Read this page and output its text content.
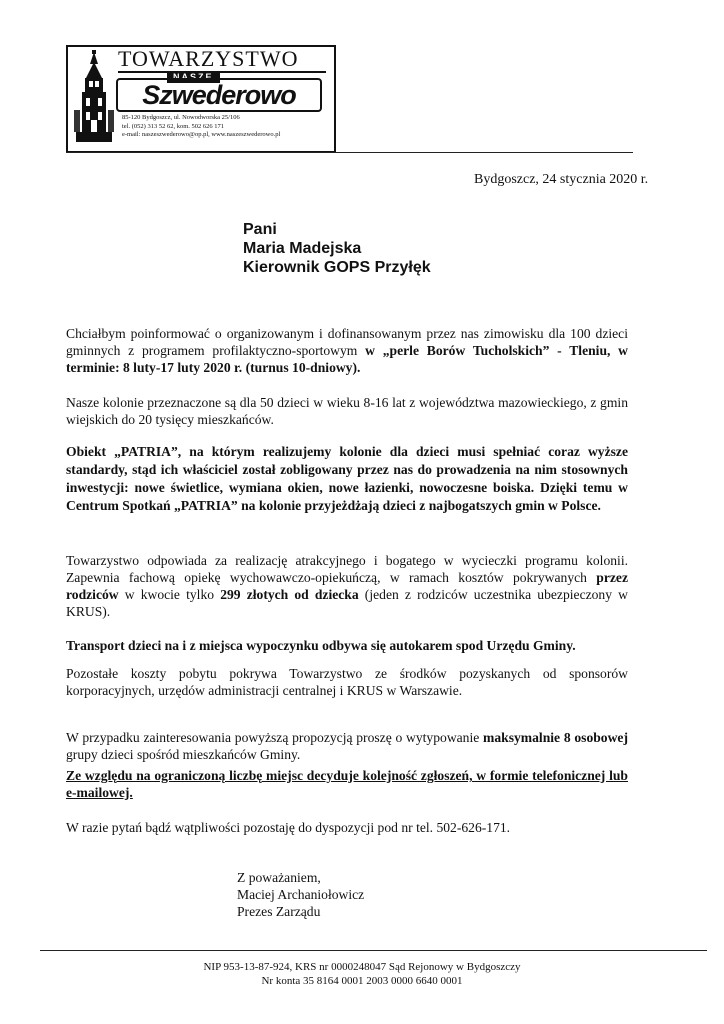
TOWARZYSTWO
NASZE
Szwederowo
85-120 Bydgoszcz, ul. Nowodworska 25/106
tel. (052) 313 52 62, kom. 502 626 171
e-mail: naszeszwederowo@op.pl, www.naszeszwederowo.pl
Bydgoszcz, 24 stycznia 2020 r.
Pani
Maria Madejska
Kierownik GOPS Przyłęk
Chciałbym poinformować o organizowanym i dofinansowanym przez nas zimowisku dla 100 dzieci gminnych z programem profilaktyczno-sportowym w „perle Borów Tucholskich” - Tleniu, w terminie: 8 luty-17 luty 2020 r. (turnus 10-dniowy).
Nasze kolonie przeznaczone są dla 50 dzieci w wieku 8-16 lat z województwa mazowieckiego, z gmin wiejskich do 20 tysięcy mieszkańców.
Obiekt „PATRIA”, na którym realizujemy kolonie dla dzieci musi spełniać coraz wyższe standardy, stąd ich właściciel został zobligowany przez nas do prowadzenia na nim stosownych inwestycji: nowe świetlice, wymiana okien, nowe łazienki, nowoczesne boiska. Dzięki temu w Centrum Spotkań „PATRIA” na kolonie przyjeżdżają dzieci z najbogatszych gmin w Polsce.
Towarzystwo odpowiada za realizację atrakcyjnego i bogatego w wycieczki programu kolonii. Zapewnia fachową opiekę wychowawczo-opiekuńczą, w ramach kosztów pokrywanych przez rodziców w kwocie tylko 299 złotych od dziecka (jeden z rodziców uczestnika ubezpieczony w KRUS).
Transport dzieci na i z miejsca wypoczynku odbywa się autokarem spod Urzędu Gminy.
Pozostałe koszty pobytu pokrywa Towarzystwo ze środków pozyskanych od sponsorów korporacyjnych, urzędów administracji centralnej i KRUS w Warszawie.
W przypadku zainteresowania powyższą propozycją proszę o wytypowanie maksymalnie 8 osobowej grupy dzieci spośród mieszkańców Gminy.
Ze względu na ograniczoną liczbę miejsc decyduje kolejność zgłoszeń, w formie telefonicznej lub e-mailowej.
W razie pytań bądź wątpliwości pozostaję do dyspozycji pod nr tel. 502-626-171.
Z poważaniem,
Maciej Archaniołowicz
Prezes Zarządu
NIP 953-13-87-924, KRS nr 0000248047 Sąd Rejonowy w Bydgoszczy
Nr konta 35 8164 0001 2003 0000 6640 0001
